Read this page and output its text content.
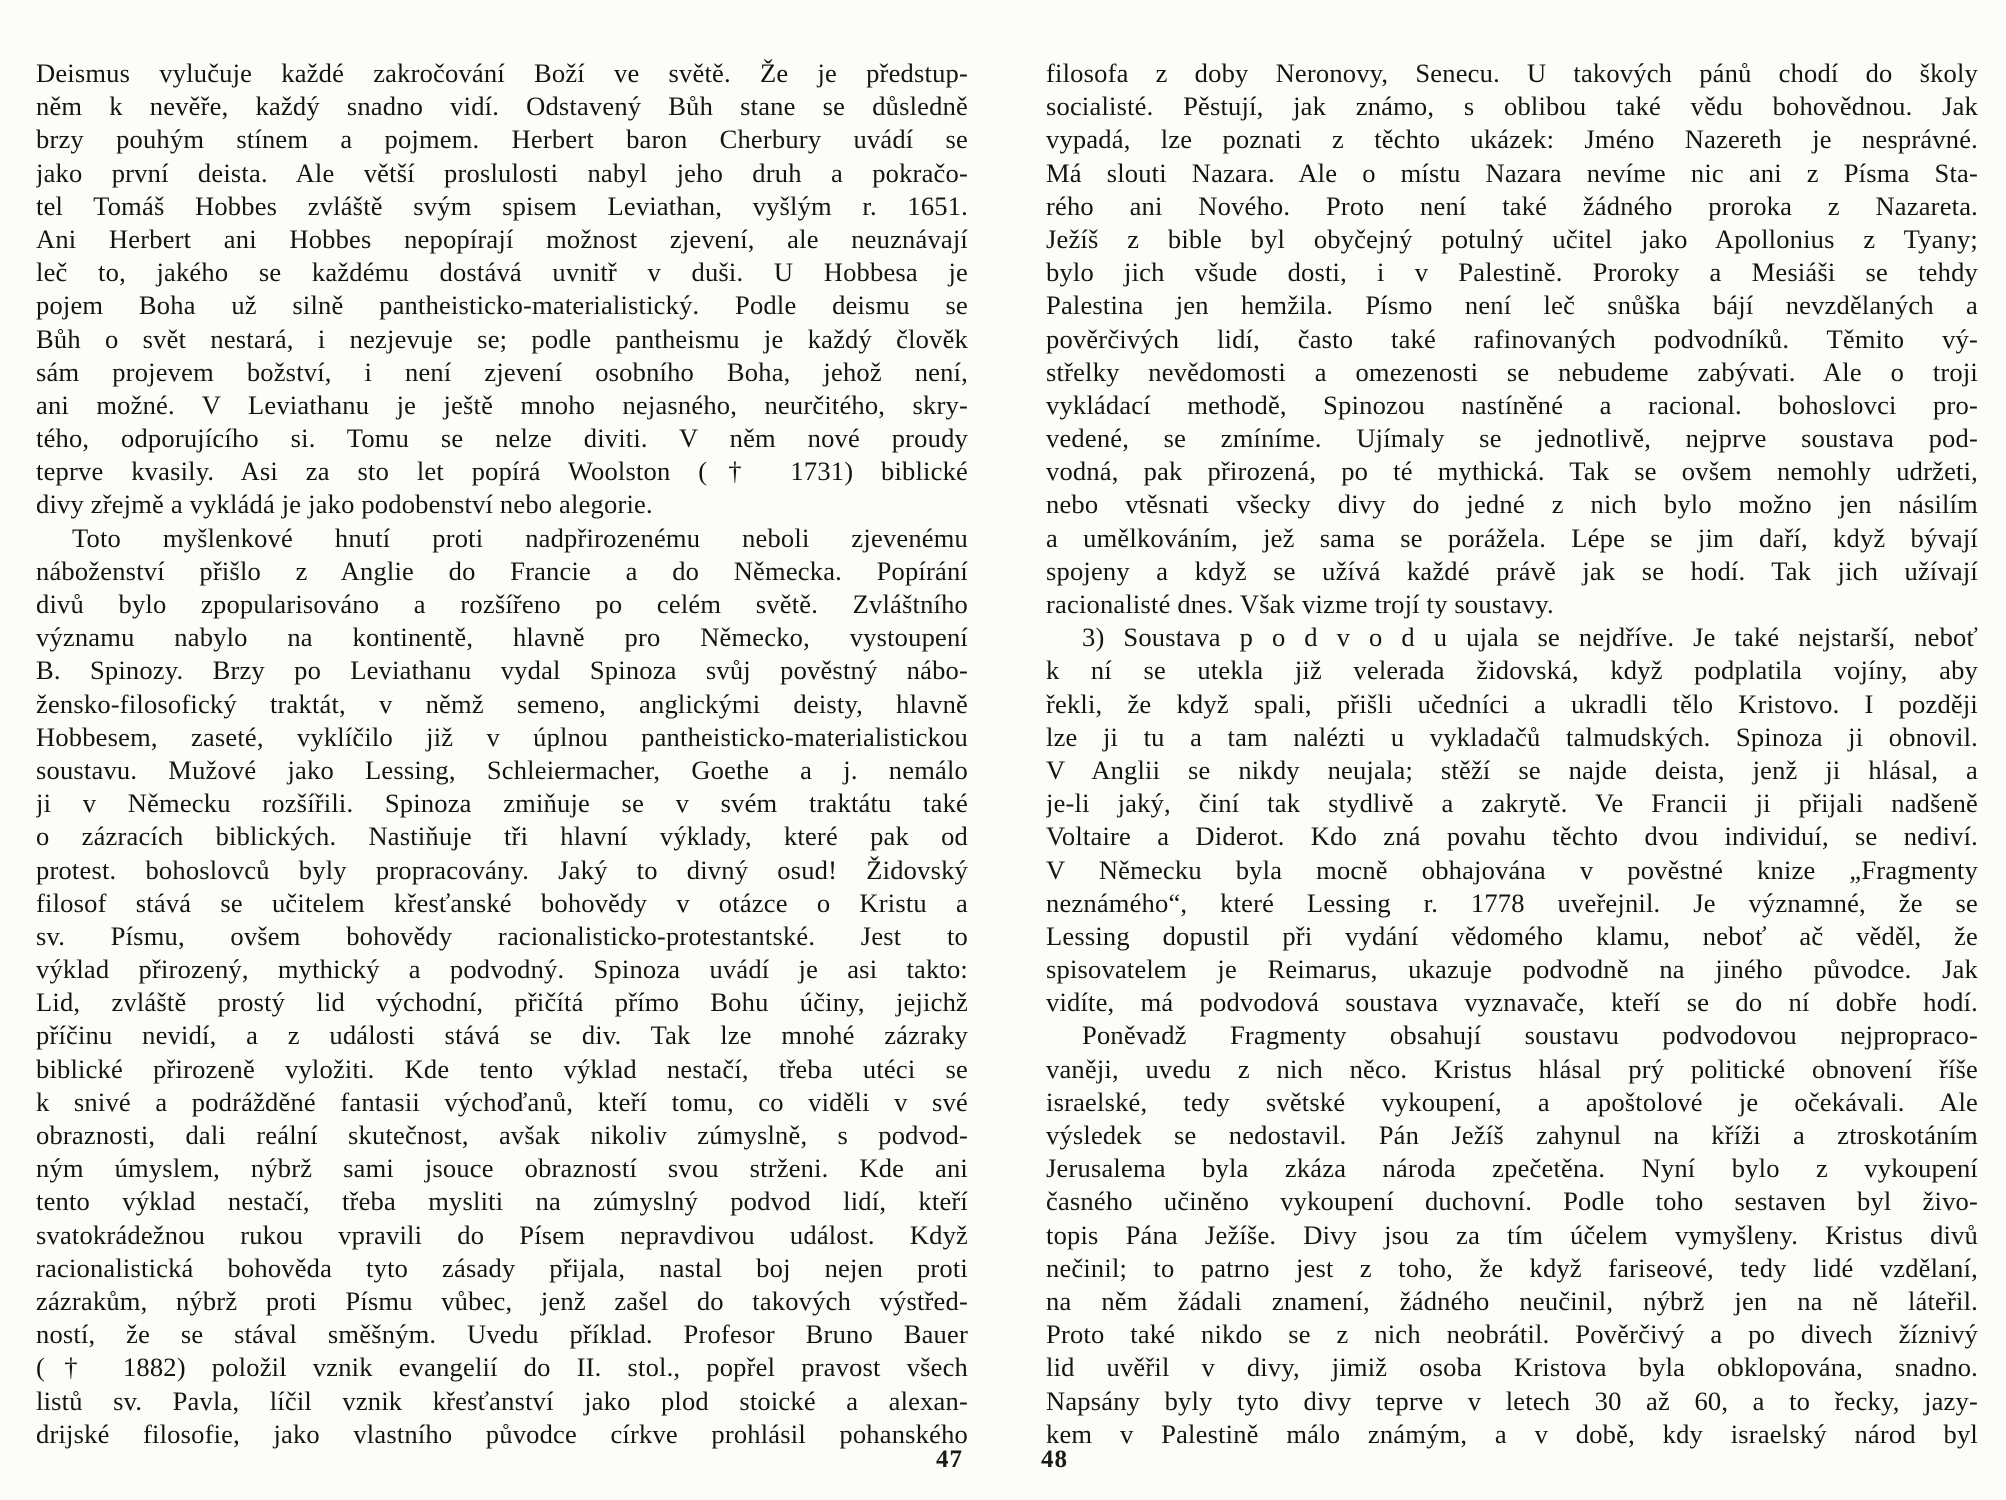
Deismus vylučuje každé zakročování Boží ve světě. Že je předstup-
něm k nevěře, každý snadno vidí. Odstavený Bůh stane se důsledně
brzy pouhým stínem a pojmem. Herbert baron Cherbury uvádí se
jako první deista. Ale větší proslulosti nabyl jeho druh a pokračo-
tel Tomáš Hobbes zvláště svým spisem Leviathan, vyšlým r. 1651.
Ani Herbert ani Hobbes nepopírají možnost zjevení, ale neuznávají
leč to, jakého se každému dostává uvnitř v duši. U Hobbesa je
pojem Boha už silně pantheisticko-materialistický. Podle deismu se
Bůh o svět nestará, i nezjevuje se; podle pantheismu je každý člověk
sám projevem božství, i není zjevení osobního Boha, jehož není,
ani možné. V Leviathanu je ještě mnoho nejasného, neurčitého, skry-
tého, odporujícího si. Tomu se nelze diviti. V něm nové proudy
teprve kvasily. Asi za sto let popírá Woolston († 1731) biblické
divy zřejmě a vykládá je jako podobenství nebo alegorie.
Toto myšlenkové hnutí proti nadpřirozenému neboli zjevenému
náboženství přišlo z Anglie do Francie a do Německa. Popírání
divů bylo zpopularisováno a rozšířeno po celém světě. Zvláštního
významu nabylo na kontinentě, hlavně pro Německo, vystoupení
B. Spinozy. Brzy po Leviathanu vydal Spinoza svůj pověstný nábo-
žensko-filosofický traktát, v němž semeno, anglickými deisty, hlavně
Hobbesem, zaseté, vyklíčilo již v úplnou pantheisticko-materialistickou
soustavu. Mužové jako Lessing, Schleiermacher, Goethe a j. nemálo
ji v Německu rozšířili. Spinoza zmiňuje se v svém traktátu také
o zázracích biblických. Nastiňuje tři hlavní výklady, které pak od
protest. bohoslovců byly propracovány. Jaký to divný osud! Židovský
filosof stává se učitelem křesťanské bohovědy v otázce o Kristu a
sv. Písmu, ovšem bohovědy racionalisticko-protestantské. Jest to
výklad přirozený, mythický a podvodný. Spinoza uvádí je asi takto:
Lid, zvláště prostý lid východní, přičítá přímo Bohu účiny, jejichž
příčinu nevidí, a z události stává se div. Tak lze mnohé zázraky
biblické přirozeně vyložiti. Kde tento výklad nestačí, třeba utéci se
k snivé a podrážděné fantasii výchoďanů, kteří tomu, co viděli v své
obraznosti, dali reální skutečnost, avšak nikoliv zúmyslně, s podvod-
ným úmyslem, nýbrž sami jsouce obrazností svou strženi. Kde ani
tento výklad nestačí, třeba mysliti na zúmyslný podvod lidí, kteří
svatokrádežnou rukou vpravili do Písem nepravdivou událost. Když
racionalistická bohověda tyto zásady přijala, nastal boj nejen proti
zázrakům, nýbrž proti Písmu vůbec, jenž zašel do takových výstřed-
ností, že se stával směšným. Uvedu příklad. Profesor Bruno Bauer
(† 1882) položil vznik evangelií do II. stol., popřel pravost všech
listů sv. Pavla, líčil vznik křesťanství jako plod stoické a alexan-
drijské filosofie, jako vlastního původce církve prohlásil pohanského
filosofa z doby Neronovy, Senecu. U takových pánů chodí do školy
socialisté. Pěstují, jak známo, s oblibou také vědu bohovědnou. Jak
vypadá, lze poznati z těchto ukázek: Jméno Nazereth je nesprávné.
Má slouti Nazara. Ale o místu Nazara nevíme nic ani z Písma Sta-
rého ani Nového. Proto není také žádného proroka z Nazareta.
Ježíš z bible byl obyčejný potulný učitel jako Apollonius z Tyany;
bylo jich všude dosti, i v Palestině. Proroky a Mesiáši se tehdy
Palestina jen hemžila. Písmo není leč snůška bájí nevzdělaných a
pověrčivých lidí, často také rafinovaných podvodníků. Těmito vý-
střelky nevědomosti a omezenosti se nebudeme zabývati. Ale o troji
vykládací methodě, Spinozou nastíněné a racional. bohoslovci pro-
vedené, se zmíníme. Ujímaly se jednotlivě, nejprve soustava pod-
vodná, pak přirozená, po té mythická. Tak se ovšem nemohly udržeti,
nebo vtěsnati všecky divy do jedné z nich bylo možno jen násilím
a umělkováním, jež sama se porážela. Lépe se jim daří, když bývají
spojeny a když se užívá každé právě jak se hodí. Tak jich užívají
racionalisté dnes. Však vizme trojí ty soustavy.
3) Soustava p o d v o d u ujala se nejdříve. Je také nejstarší, neboť
k ní se utekla již velerada židovská, když podplatila vojíny, aby
řekli, že když spali, přišli učedníci a ukradli tělo Kristovo. I později
lze ji tu a tam nalézti u vykladačů talmudských. Spinoza ji obnovil.
V Anglii se nikdy neujala; stěží se najde deista, jenž ji hlásal, a
je-li jaký, činí tak stydlivě a zakrytě. Ve Francii ji přijali nadšeně
Voltaire a Diderot. Kdo zná povahu těchto dvou individuí, se nediví.
V Německu byla mocně obhajována v pověstné knize „Fragmenty
neznámého“, které Lessing r. 1778 uveřejnil. Je významné, že se
Lessing dopustil při vydání vědomého klamu, neboť ač věděl, že
spisovatelem je Reimarus, ukazuje podvodně na jiného původce. Jak
vidíte, má podvodová soustava vyznavače, kteří se do ní dobře hodí.
Poněvadž Fragmenty obsahují soustavu podvodovou nejpropraco-
vaněji, uvedu z nich něco. Kristus hlásal prý politické obnovení říše
israelské, tedy světské vykoupení, a apoštolové je očekávali. Ale
výsledek se nedostavil. Pán Ježíš zahynul na kříži a ztroskotáním
Jerusalema byla zkáza národa zpečetěna. Nyní bylo z vykoupení
časného učiněno vykoupení duchovní. Podle toho sestaven byl živo-
topis Pána Ježíše. Divy jsou za tím účelem vymyšleny. Kristus divů
nečinil; to patrno jest z toho, že když fariseové, tedy lidé vzdělaní,
na něm žádali znamení, žádného neučinil, nýbrž jen na ně láteřil.
Proto také nikdo se z nich neobrátil. Pověrčivý a po divech žíznivý
lid uvěřil v divy, jimiž osoba Kristova byla obklopována, snadno.
Napsány byly tyto divy teprve v letech 30 až 60, a to řecky, jazy-
kem v Palestině málo známým, a v době, kdy israelský národ byl
47	48
